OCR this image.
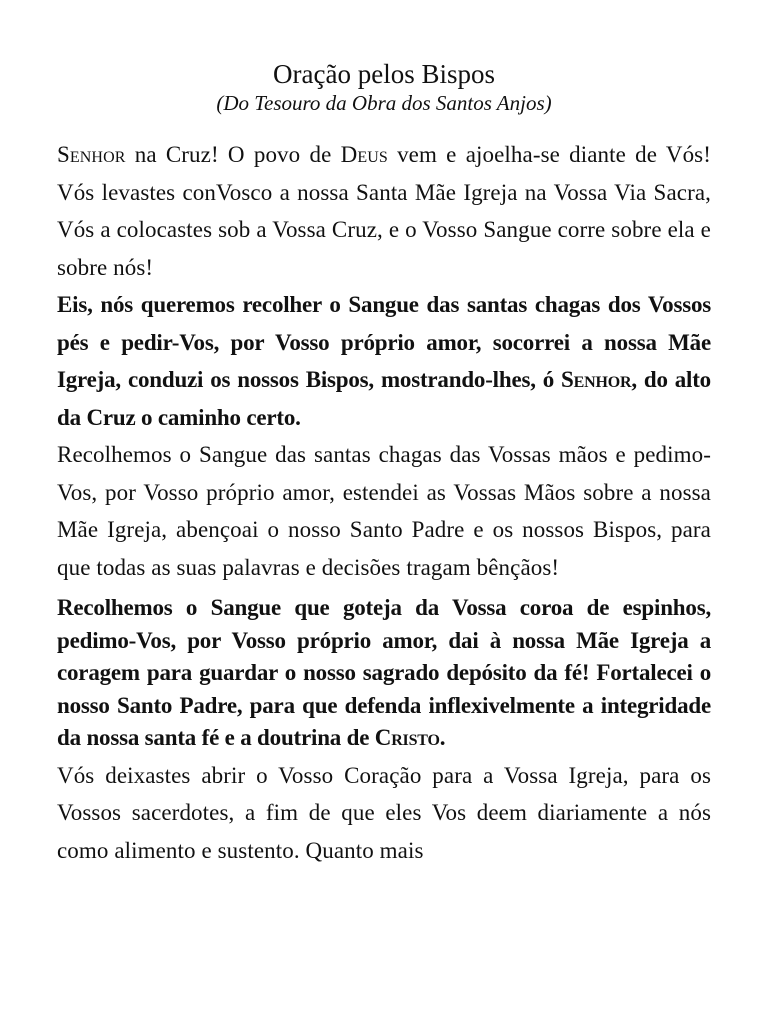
Oração pelos Bispos
(Do Tesouro da Obra dos Santos Anjos)

Senhor na Cruz! O povo de Deus vem e ajoelha-se diante de Vós! Vós levastes conVosco a nossa Santa Mãe Igreja na Vossa Via Sacra, Vós a colocastes sob a Vossa Cruz, e o Vosso Sangue corre sobre ela e sobre nós!

Eis, nós queremos recolher o Sangue das santas chagas dos Vossos pés e pedir-Vos, por Vosso próprio amor, socorrei a nossa Mãe Igreja, conduzi os nossos Bispos, mostrando-lhes, ó Senhor, do alto da Cruz o caminho certo.

Recolhemos o Sangue das santas chagas das Vossas mãos e pedimo-Vos, por Vosso próprio amor, estendei as Vossas Mãos sobre a nossa Mãe Igreja, abençoai o nosso Santo Padre e os nossos Bispos, para que todas as suas palavras e decisões tragam bênçãos!

Recolhemos o Sangue que goteja da Vossa coroa de espinhos, pedimo-Vos, por Vosso próprio amor, dai à nossa Mãe Igreja a coragem para guardar o nosso sagrado depósito da fé! Fortalecei o nosso Santo Padre, para que defenda inflexivelmente a integridade da nossa santa fé e a doutrina de Cristo.

Vós deixastes abrir o Vosso Coração para a Vossa Igreja, para os Vossos sacerdotes, a fim de que eles Vos deem diariamente a nós como alimento e sustento. Quanto mais
